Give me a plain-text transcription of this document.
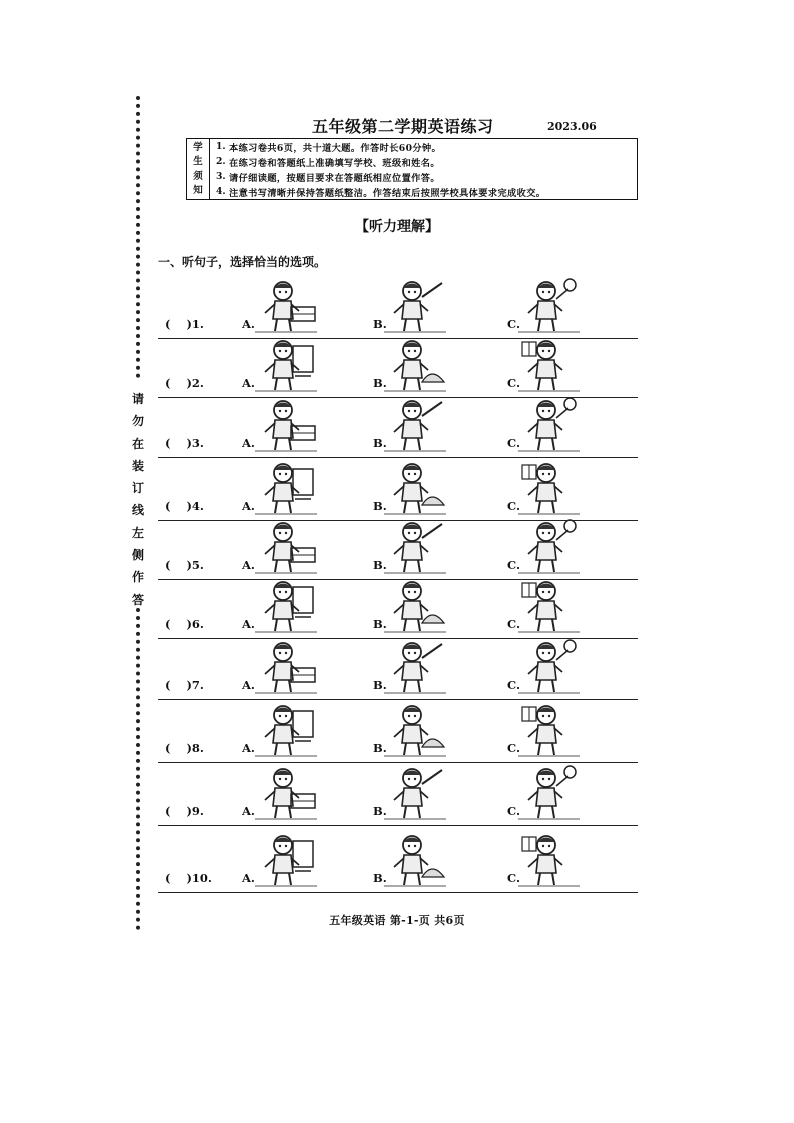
请
勿
在
装
订
线
左
侧
作
答
五年级第二学期英语练习	2023.06
学
生
须
知
1. 本练习卷共6页，共十道大题。作答时长60分钟。
2. 在练习卷和答题纸上准确填写学校、班级和姓名。
3. 请仔细读题，按题目要求在答题纸相应位置作答。
4. 注意书写清晰并保持答题纸整洁。作答结束后按照学校具体要求完成收交。
【听力理解】
一、听句子，选择恰当的选项。
(    )1.	A.	B.	C.
(    )2.	A.	B.	C.
(    )3.	A.	B.	C.
(    )4.	A.	B.	C.
(    )5.	A.	B.	C.
(    )6.	A.	B.	C.
(    )7.	A.	B.	C.
(    )8.	A.	B.	C.
(    )9.	A.	B.	C.
(    )10.	A.	B.	C.
五年级英语 第-1-页 共6页
